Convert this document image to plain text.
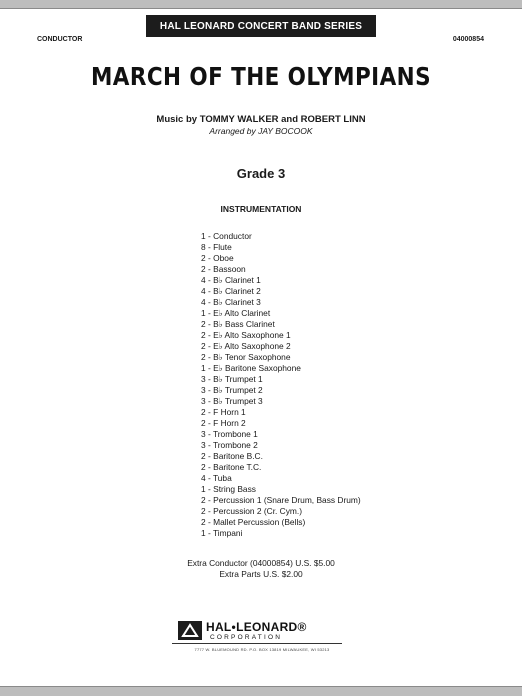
HAL LEONARD CONCERT BAND SERIES
CONDUCTOR	04000854
MARCH OF THE OLYMPIANS
Music by TOMMY WALKER and ROBERT LINN
Arranged by JAY BOCOOK
Grade 3
INSTRUMENTATION
1 - Conductor
8 - Flute
2 - Oboe
2 - Bassoon
4 - B♭ Clarinet 1
4 - B♭ Clarinet 2
4 - B♭ Clarinet 3
1 - E♭ Alto Clarinet
2 - B♭ Bass Clarinet
2 - E♭ Alto Saxophone 1
2 - E♭ Alto Saxophone 2
2 - B♭ Tenor Saxophone
1 - E♭ Baritone Saxophone
3 - B♭ Trumpet 1
3 - B♭ Trumpet 2
3 - B♭ Trumpet 3
2 - F Horn 1
2 - F Horn 2
3 - Trombone 1
3 - Trombone 2
2 - Baritone B.C.
2 - Baritone T.C.
4 - Tuba
1 - String Bass
2 - Percussion 1 (Snare Drum, Bass Drum)
2 - Percussion 2 (Cr. Cym.)
2 - Mallet Percussion (Bells)
1 - Timpani
Extra Conductor (04000854) U.S. $5.00
Extra Parts U.S. $2.00
HAL•LEONARD®
CORPORATION
7777 W. BLUEMOUND RD. P.O. BOX 13819 MILWAUKEE, WI 53213
